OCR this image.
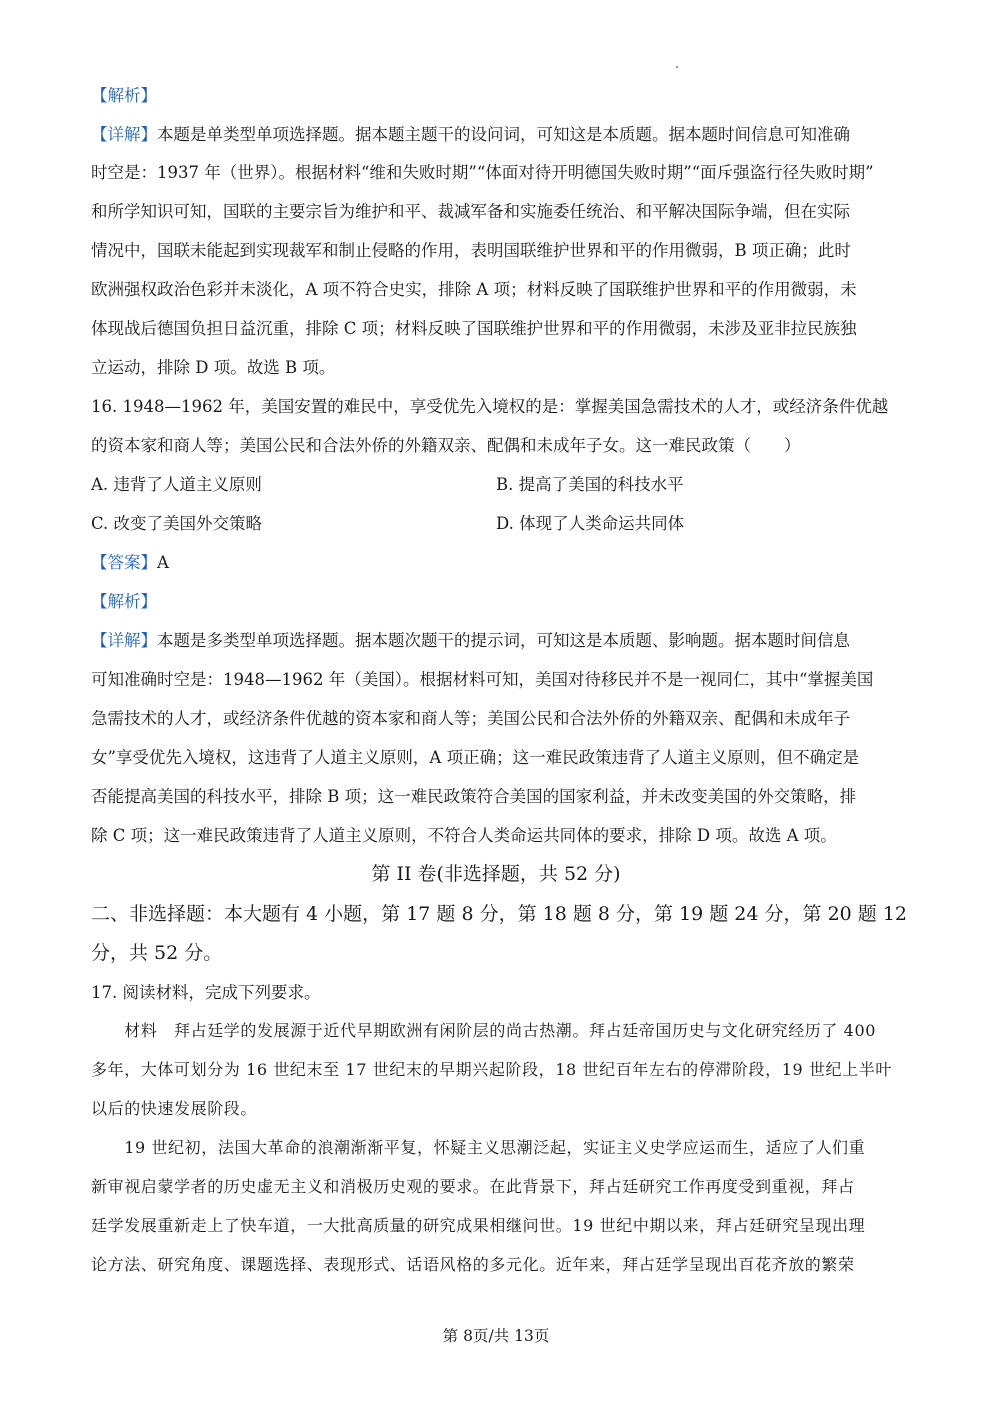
【解析】
【详解】本题是单类型单项选择题。据本题主题干的设问词，可知这是本质题。据本题时间信息可知准确
时空是：1937 年（世界）。根据材料“维和失败时期”“体面对待开明德国失败时期”“面斥强盗行径失败时期”
和所学知识可知，国联的主要宗旨为维护和平、裁减军备和实施委任统治、和平解决国际争端，但在实际
情况中，国联未能起到实现裁军和制止侵略的作用，表明国联维护世界和平的作用微弱，B 项正确；此时
欧洲强权政治色彩并未淡化，A 项不符合史实，排除 A 项；材料反映了国联维护世界和平的作用微弱，未
体现战后德国负担日益沉重，排除 C 项；材料反映了国联维护世界和平的作用微弱，未涉及亚非拉民族独
立运动，排除 D 项。故选 B 项。
16. 1948—1962 年，美国安置的难民中，享受优先入境权的是：掌握美国急需技术的人才，或经济条件优越
的资本家和商人等；美国公民和合法外侨的外籍双亲、配偶和未成年子女。这一难民政策（　　）
A. 违背了人道主义原则	B. 提高了美国的科技水平
C. 改变了美国外交策略	D. 体现了人类命运共同体
【答案】A
【解析】
【详解】本题是多类型单项选择题。据本题次题干的提示词，可知这是本质题、影响题。据本题时间信息
可知准确时空是：1948—1962 年（美国）。根据材料可知，美国对待移民并不是一视同仁，其中“掌握美国
急需技术的人才，或经济条件优越的资本家和商人等；美国公民和合法外侨的外籍双亲、配偶和未成年子
女”享受优先入境权，这违背了人道主义原则，A 项正确；这一难民政策违背了人道主义原则，但不确定是
否能提高美国的科技水平，排除 B 项；这一难民政策符合美国的国家利益，并未改变美国的外交策略，排
除 C 项；这一难民政策违背了人道主义原则，不符合人类命运共同体的要求，排除 D 项。故选 A 项。
第 II 卷(非选择题，共 52 分)
二、非选择题：本大题有 4 小题，第 17 题 8 分，第 18 题 8 分，第 19 题 24 分，第 20 题 12
分，共 52 分。
17. 阅读材料，完成下列要求。
　　材料　拜占廷学的发展源于近代早期欧洲有闲阶层的尚古热潮。拜占廷帝国历史与文化研究经历了 400
多年，大体可划分为 16 世纪末至 17 世纪末的早期兴起阶段，18 世纪百年左右的停滞阶段，19 世纪上半叶
以后的快速发展阶段。
　　19 世纪初，法国大革命的浪潮渐渐平复，怀疑主义思潮泛起，实证主义史学应运而生，适应了人们重
新审视启蒙学者的历史虚无主义和消极历史观的要求。在此背景下，拜占廷研究工作再度受到重视，拜占
廷学发展重新走上了快车道，一大批高质量的研究成果相继问世。19 世纪中期以来，拜占廷研究呈现出理
论方法、研究角度、课题选择、表现形式、话语风格的多元化。近年来，拜占廷学呈现出百花齐放的繁荣
第 8页/共 13页
